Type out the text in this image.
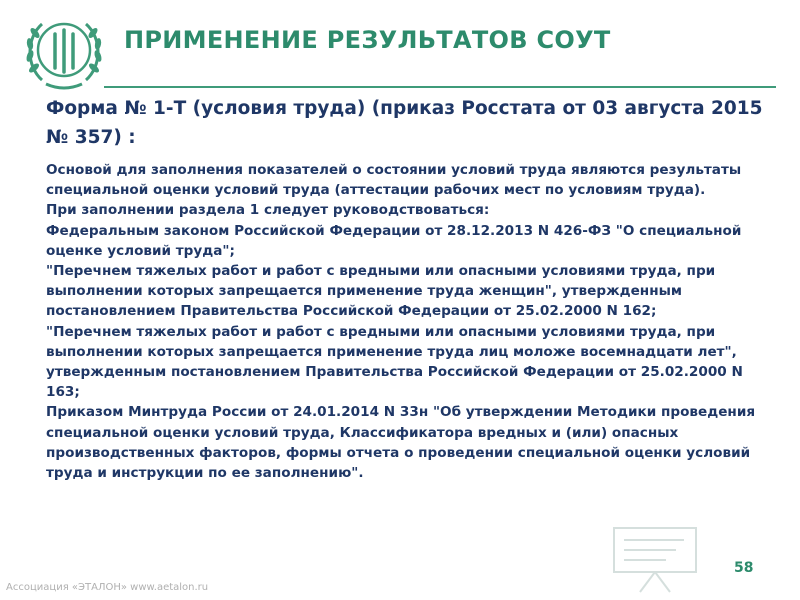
ПРИМЕНЕНИЕ РЕЗУЛЬТАТОВ СОУТ
Форма № 1-Т (условия труда) (приказ Росстата от 03 августа 2015 № 357) :

Основой для заполнения показателей о состоянии условий труда являются результаты специальной оценки условий труда (аттестации рабочих мест по условиям труда).

При заполнении раздела 1 следует руководствоваться:

Федеральным законом Российской Федерации от 28.12.2013 N 426-ФЗ "О специальной оценке условий труда";

"Перечнем тяжелых работ и работ с вредными или опасными условиями труда, при выполнении которых запрещается применение труда женщин", утвержденным постановлением Правительства Российской Федерации от 25.02.2000 N 162;

"Перечнем тяжелых работ и работ с вредными или опасными условиями труда, при выполнении которых запрещается применение труда лиц моложе восемнадцати лет", утвержденным постановлением Правительства Российской Федерации от 25.02.2000 N 163;

Приказом Минтруда России от 24.01.2014 N 33н "Об утверждении Методики проведения специальной оценки условий труда, Классификатора вредных и (или) опасных производственных факторов, формы отчета о проведении специальной оценки условий труда и инструкции по ее заполнению".

58
Ассоциация «ЭТАЛОН» www.aetalon.ru
